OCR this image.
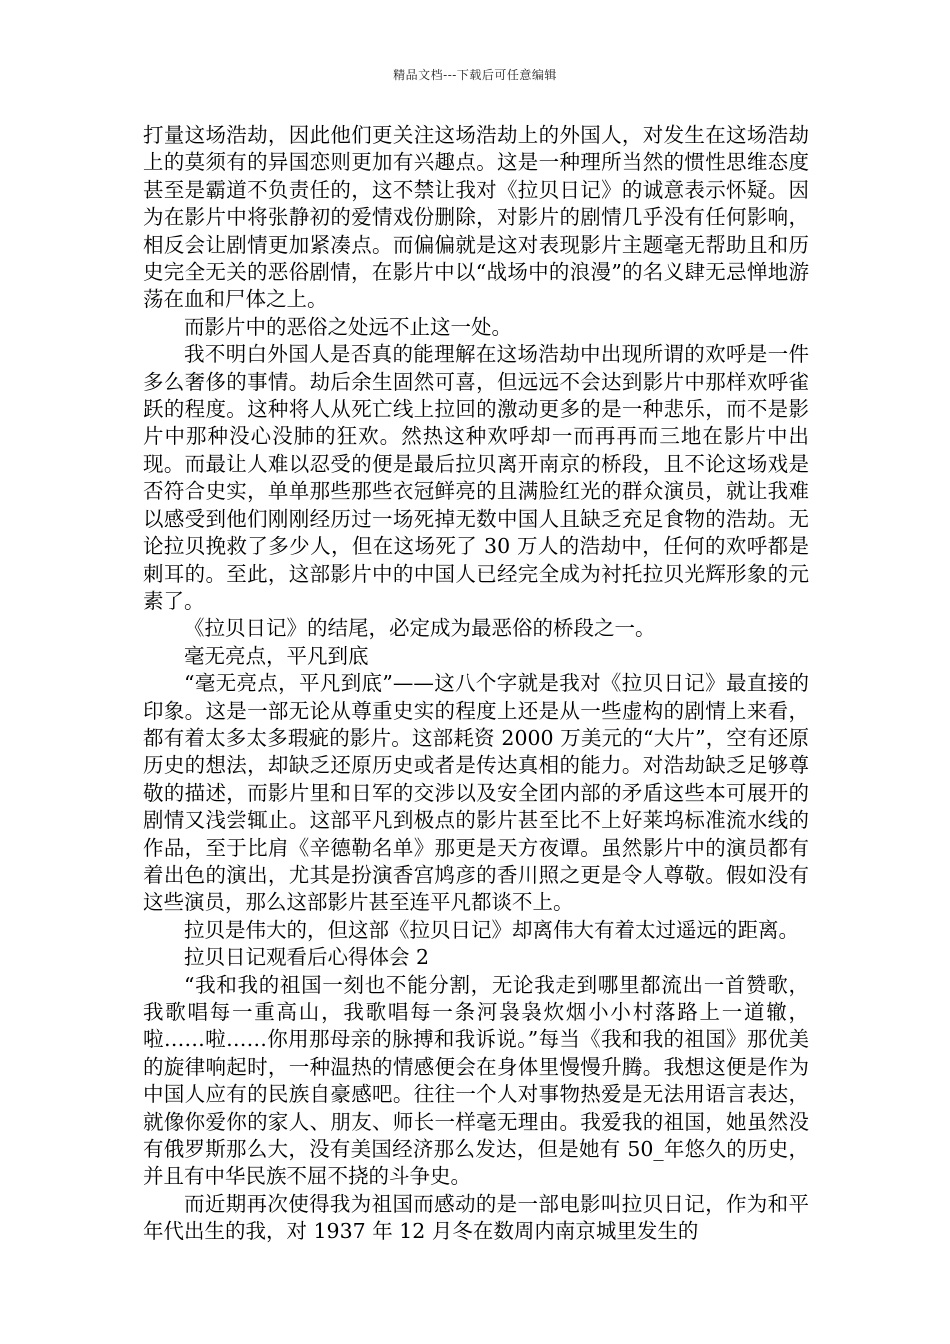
精品文档---下载后可任意编辑

打量这场浩劫，因此他们更关注这场浩劫上的外国人，对发生在这场浩劫上的莫须有的异国恋则更加有兴趣点。这是一种理所当然的惯性思维态度甚至是霸道不负责任的，这不禁让我对《拉贝日记》的诚意表示怀疑。因为在影片中将张静初的爱情戏份删除，对影片的剧情几乎没有任何影响，相反会让剧情更加紧凑点。而偏偏就是这对表现影片主题毫无帮助且和历史完全无关的恶俗剧情，在影片中以“战场中的浪漫”的名义肆无忌惮地游荡在血和尸体之上。

而影片中的恶俗之处远不止这一处。

我不明白外国人是否真的能理解在这场浩劫中出现所谓的欢呼是一件多么奢侈的事情。劫后余生固然可喜，但远远不会达到影片中那样欢呼雀跃的程度。这种将人从死亡线上拉回的激动更多的是一种悲乐，而不是影片中那种没心没肺的狂欢。然热这种欢呼却一而再再而三地在影片中出现。而最让人难以忍受的便是最后拉贝离开南京的桥段，且不论这场戏是否符合史实，单单那些那些衣冠鲜亮的且满脸红光的群众演员，就让我难以感受到他们刚刚经历过一场死掉无数中国人且缺乏充足食物的浩劫。无论拉贝挽救了多少人，但在这场死了 30 万人的浩劫中，任何的欢呼都是刺耳的。至此，这部影片中的中国人已经完全成为衬托拉贝光辉形象的元素了。

《拉贝日记》的结尾，必定成为最恶俗的桥段之一。

毫无亮点，平凡到底

“毫无亮点，平凡到底”——这八个字就是我对《拉贝日记》最直接的印象。这是一部无论从尊重史实的程度上还是从一些虚构的剧情上来看，都有着太多太多瑕疵的影片。这部耗资 2000 万美元的“大片”，空有还原历史的想法，却缺乏还原历史或者是传达真相的能力。对浩劫缺乏足够尊敬的描述，而影片里和日军的交涉以及安全团内部的矛盾这些本可展开的剧情又浅尝辄止。这部平凡到极点的影片甚至比不上好莱坞标准流水线的作品，至于比肩《辛德勒名单》那更是天方夜谭。虽然影片中的演员都有着出色的演出，尤其是扮演香宫鸠彦的香川照之更是令人尊敬。假如没有这些演员，那么这部影片甚至连平凡都谈不上。

拉贝是伟大的，但这部《拉贝日记》却离伟大有着太过遥远的距离。

拉贝日记观看后心得体会 2

“我和我的祖国一刻也不能分割，无论我走到哪里都流出一首赞歌，我歌唱每一重高山，我歌唱每一条河袅袅炊烟小小村落路上一道辙，啦……啦……你用那母亲的脉搏和我诉说。”每当《我和我的祖国》那优美的旋律响起时，一种温热的情感便会在身体里慢慢升腾。我想这便是作为中国人应有的民族自豪感吧。往往一个人对事物热爱是无法用语言表达，就像你爱你的家人、朋友、师长一样毫无理由。我爱我的祖国，她虽然没有俄罗斯那么大，没有美国经济那么发达，但是她有 50_年悠久的历史，并且有中华民族不屈不挠的斗争史。

而近期再次使得我为祖国而感动的是一部电影叫拉贝日记，作为和平年代出生的我，对 1937 年 12 月冬在数周内南京城里发生的
